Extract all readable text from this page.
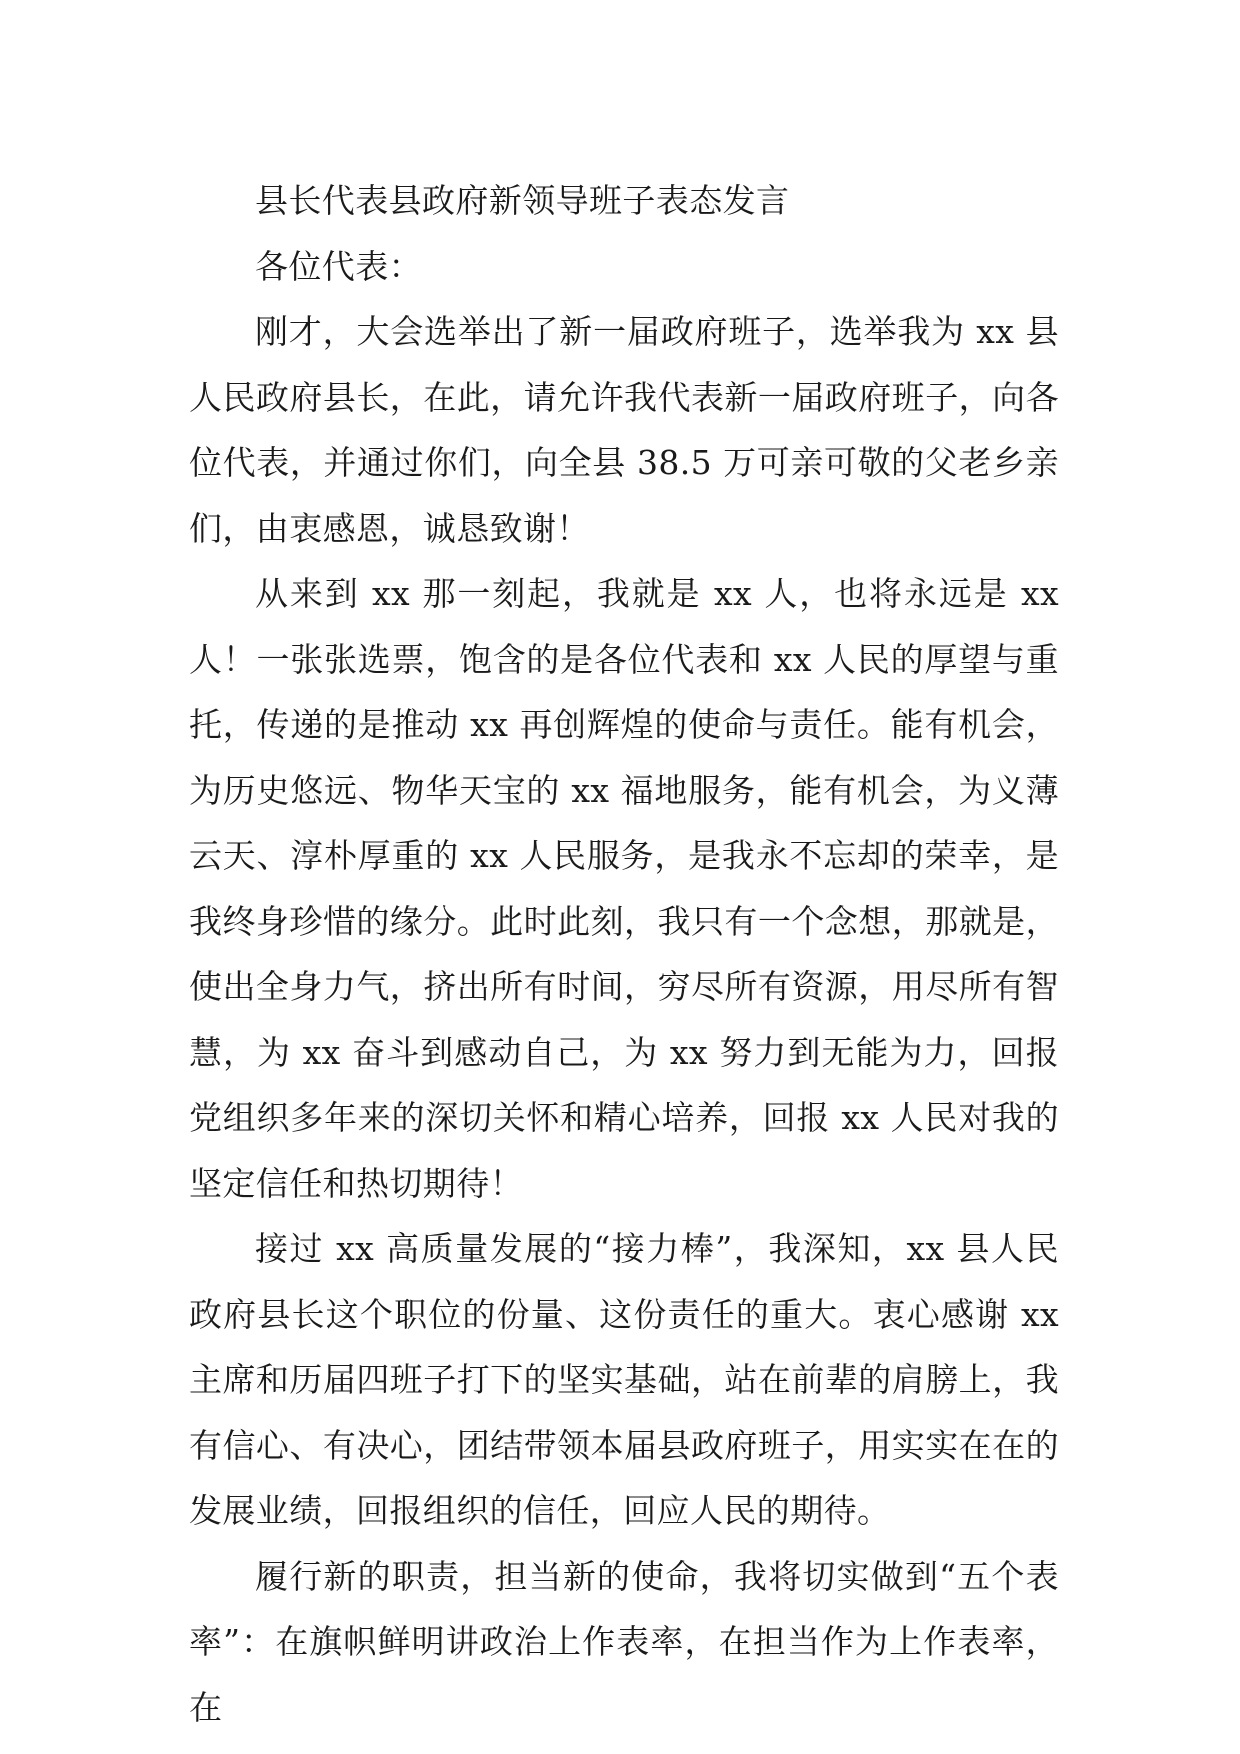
县长代表县政府新领导班子表态发言

各位代表：

刚才，大会选举出了新一届政府班子，选举我为 xx 县人民政府县长，在此，请允许我代表新一届政府班子，向各位代表，并通过你们，向全县 38.5 万可亲可敬的父老乡亲们，由衷感恩，诚恳致谢！

从来到 xx 那一刻起，我就是 xx 人，也将永远是 xx 人！一张张选票，饱含的是各位代表和 xx 人民的厚望与重托，传递的是推动 xx 再创辉煌的使命与责任。能有机会，为历史悠远、物华天宝的 xx 福地服务，能有机会，为义薄云天、淳朴厚重的 xx 人民服务，是我永不忘却的荣幸，是我终身珍惜的缘分。此时此刻，我只有一个念想，那就是，使出全身力气，挤出所有时间，穷尽所有资源，用尽所有智慧，为 xx 奋斗到感动自己，为 xx 努力到无能为力，回报党组织多年来的深切关怀和精心培养，回报 xx 人民对我的坚定信任和热切期待！

接过 xx 高质量发展的“接力棒”，我深知，xx 县人民政府县长这个职位的份量、这份责任的重大。衷心感谢 xx 主席和历届四班子打下的坚实基础，站在前辈的肩膀上，我有信心、有决心，团结带领本届县政府班子，用实实在在的发展业绩，回报组织的信任，回应人民的期待。

履行新的职责，担当新的使命，我将切实做到“五个表率”：在旗帜鲜明讲政治上作表率，在担当作为上作表率，在
